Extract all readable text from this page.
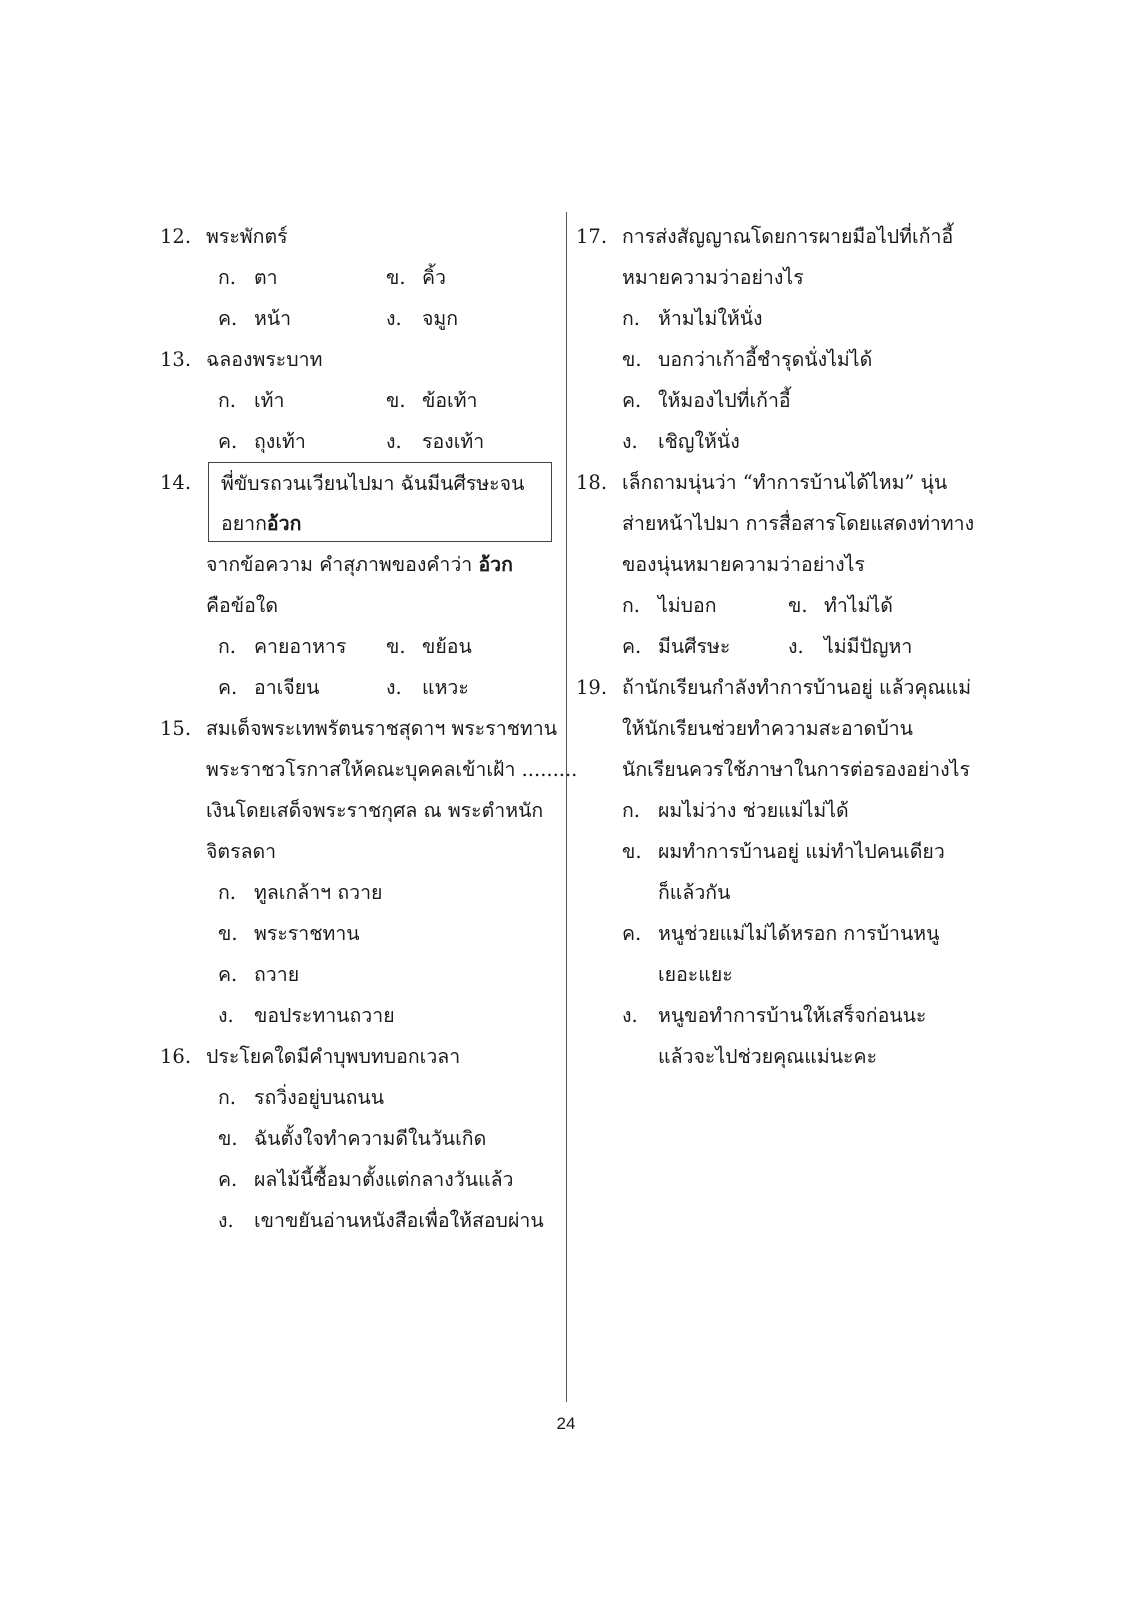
12. พระพักตร์
ก. ตา	ข. คิ้ว
ค. หน้า	ง. จมูก
13. ฉลองพระบาท
ก. เท้า	ข. ข้อเท้า
ค. ถุงเท้า	ง. รองเท้า
14. พี่ขับรถวนเวียนไปมา ฉันมีนศีรษะจน
อยากอ้วก
จากข้อความ คำสุภาพของคำว่า อ้วก
คือข้อใด
ก. คายอาหาร ข. ขย้อน
ค. อาเจียน	ง. แหวะ
15. สมเด็จพระเทพรัตนราชสุดาฯ พระราชทาน
พระราชวโรกาสให้คณะบุคคลเข้าเฝ้า .........
เงินโดยเสด็จพระราชกุศล ณ พระตำหนัก
จิตรลดา
ก. ทูลเกล้าฯ ถวาย
ข. พระราชทาน
ค. ถวาย
ง. ขอประทานถวาย
16. ประโยคใดมีคำบุพบทบอกเวลา
ก. รถวิ่งอยู่บนถนน
ข. ฉันตั้งใจทำความดีในวันเกิด
ค. ผลไม้นี้ซื้อมาตั้งแต่กลางวันแล้ว
ง. เขาขยันอ่านหนังสือเพื่อให้สอบผ่าน
17. การส่งสัญญาณโดยการผายมือไปที่เก้าอี้
หมายความว่าอย่างไร
ก. ห้ามไม่ให้นั่ง
ข. บอกว่าเก้าอี้ชำรุดนั่งไม่ได้
ค. ให้มองไปที่เก้าอี้
ง. เชิญให้นั่ง
18. เล็กถามนุ่นว่า “ทำการบ้านได้ไหม” นุ่น
ส่ายหน้าไปมา การสื่อสารโดยแสดงท่าทาง
ของนุ่นหมายความว่าอย่างไร
ก. ไม่บอก	ข. ทำไม่ได้
ค. มีนศีรษะ	ง. ไม่มีปัญหา
19. ถ้านักเรียนกำลังทำการบ้านอยู่ แล้วคุณแม่
ให้นักเรียนช่วยทำความสะอาดบ้าน
นักเรียนควรใช้ภาษาในการต่อรองอย่างไร
ก. ผมไม่ว่าง ช่วยแม่ไม่ได้
ข. ผมทำการบ้านอยู่ แม่ทำไปคนเดียว
ก็แล้วกัน
ค. หนูช่วยแม่ไม่ได้หรอก การบ้านหนู
เยอะแยะ
ง. หนูขอทำการบ้านให้เสร็จก่อนนะ
แล้วจะไปช่วยคุณแม่นะคะ
24
